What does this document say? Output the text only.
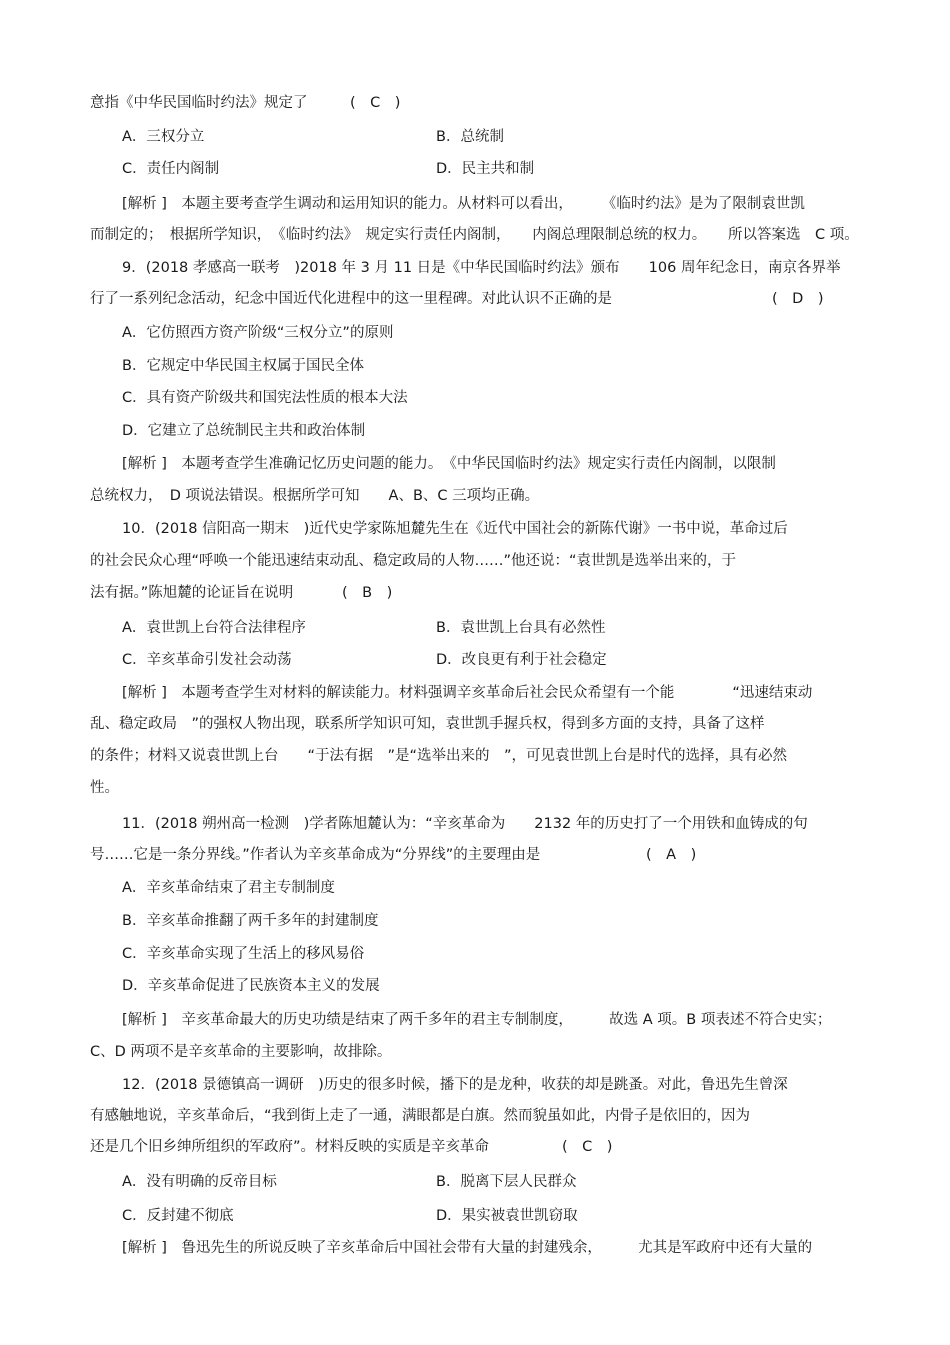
意指《中华民国临时约法》规定了	(　C　)
A．三权分立	B．总统制
C．责任内阁制	D．民主共和制
[解析 ]　本题主要考查学生调动和运用知识的能力。从材料可以看出，　　　《临时约法》是为了限制袁世凯
而制定的；　根据所学知识，　《临时约法》　规定实行责任内阁制，　　内阁总理限制总统的权力。　　所以答案选　C 项。
9．(2018 孝感高一联考　)2018 年 3 月 11 日是《中华民国临时约法》颁布　　106 周年纪念日，南京各界举
行了一系列纪念活动，纪念中国近代化进程中的这一里程碑。对此认识不正确的是	(　D　)
A．它仿照西方资产阶级“三权分立”的原则
B．它规定中华民国主权属于国民全体
C．具有资产阶级共和国宪法性质的根本大法
D．它建立了总统制民主共和政治体制
[解析 ]　本题考查学生准确记忆历史问题的能力。　《中华民国临时约法》规定实行责任内阁制，以限制
总统权力，　D 项说法错误。根据所学可知　　A、B、C 三项均正确。
10．(2018 信阳高一期末　)近代史学家陈旭麓先生在《近代中国社会的新陈代谢》一书中说，革命过后
的社会民众心理“呼唤一个能迅速结束动乱、稳定政局的人物……”他还说：“袁世凯是选举出来的，于
法有据。”陈旭麓的论证旨在说明	(　B　)
A．袁世凯上台符合法律程序	B．袁世凯上台具有必然性
C．辛亥革命引发社会动荡	D．改良更有利于社会稳定
[解析 ]　本题考查学生对材料的解读能力。材料强调辛亥革命后社会民众希望有一个能　　　　“迅速结束动
乱、稳定政局　”的强权人物出现，联系所学知识可知，袁世凯手握兵权，得到多方面的支持，具备了这样
的条件；材料又说袁世凯上台　　“于法有据　”是“选举出来的　”，可见袁世凯上台是时代的选择，具有必然
性。
11．(2018 朔州高一检测　)学者陈旭麓认为：“辛亥革命为　　2132 年的历史打了一个用铁和血铸成的句
号……它是一条分界线。”作者认为辛亥革命成为“分界线”的主要理由是	(　A　)
A．辛亥革命结束了君主专制制度
B．辛亥革命推翻了两千多年的封建制度
C．辛亥革命实现了生活上的移风易俗
D．辛亥革命促进了民族资本主义的发展
[解析 ]　辛亥革命最大的历史功绩是结束了两千多年的君主专制制度，　　　故选 A 项。B 项表述不符合史实；
C、D 两项不是辛亥革命的主要影响，故排除。
12．(2018 景德镇高一调研　)历史的很多时候，播下的是龙种，收获的却是跳蚤。对此，鲁迅先生曾深
有感触地说，辛亥革命后，“我到街上走了一通，满眼都是白旗。然而貌虽如此，内骨子是依旧的，因为
还是几个旧乡绅所组织的军政府”。材料反映的实质是辛亥革命	(　C　)
A．没有明确的反帝目标	B．脱离下层人民群众
C．反封建不彻底	D．果实被袁世凯窃取
[解析 ]　鲁迅先生的所说反映了辛亥革命后中国社会带有大量的封建残余，　　　尤其是军政府中还有大量的
